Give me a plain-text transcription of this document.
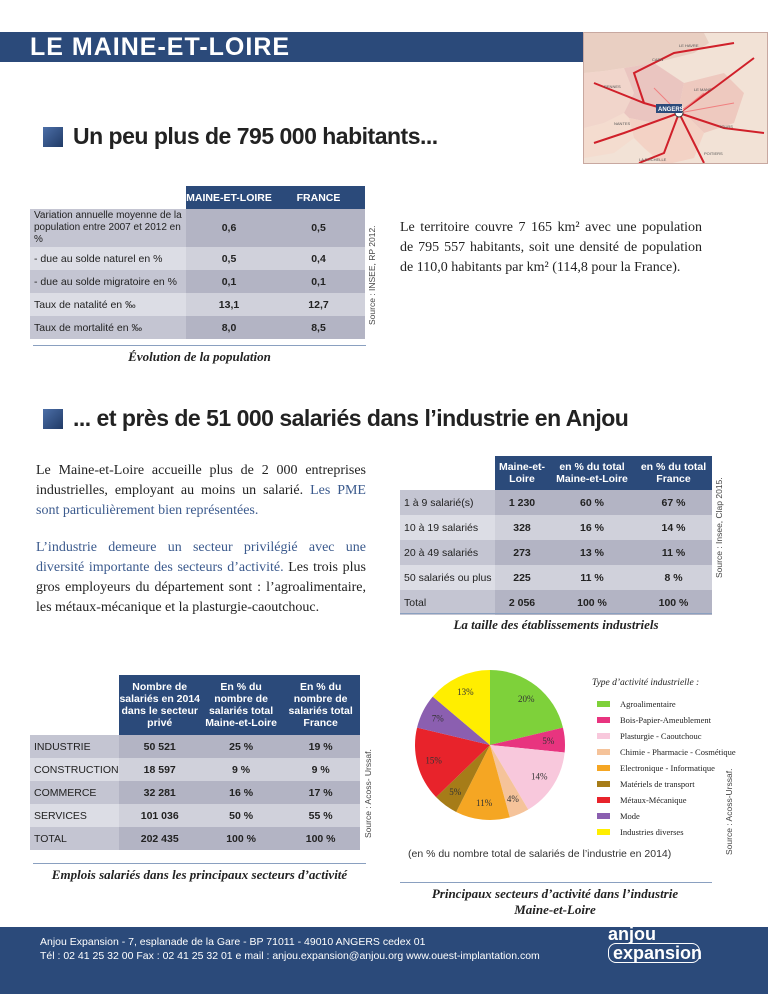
LE MAINE-ET-LOIRE
ANGERS
LE HAVRE
CAEN
RENNES
LE MANS
NANTES
TOURS
LA ROCHELLE
POITIERS
Un peu plus de 795 000 habitants...
	MAINE-ET-LOIRE	FRANCE
Variation annuelle moyenne de la population entre 2007 et 2012 en %	0,6	0,5
- due au solde naturel en %	0,5	0,4
- due au solde migratoire en %	0,1	0,1
Taux de natalité en ‰	13,1	12,7
Taux de mortalité en ‰	8,0	8,5
Source : INSEE, RP 2012. Le territoire couvre 7 165 km² avec une population de 795 557 habitants, soit une densité de population de 110,0 habitants par km² (114,8 pour la France).
Évolution de la population
... et près de 51 000 salariés dans l’industrie en Anjou
Le Maine-et-Loire accueille plus de 2 000 entreprises industrielles, employant au moins un salarié. Les PME sont particulièrement bien représentées.
L’industrie demeure un secteur privilégié avec une diversité importante des secteurs d’activité. Les trois plus gros employeurs du département sont : l’agroalimentaire, les métaux-mécanique et la plasturgie-caoutchouc.
	Maine-et-Loire	en % du total Maine-et-Loire	en % du total France
1 à 9 salarié(s)	1 230	60 %	67 %
10 à 19 salariés	328	16 %	14 %
20 à 49 salariés	273	13 %	11 %
50 salariés ou plus	225	11 %	8 %
Total	2 056	100 %	100 %
Source : Insee, Clap 2015.
La taille des établissements industriels
	Nombre de salariés en 2014 dans le secteur privé	En % du nombre de salariés total Maine-et-Loire	En % du nombre de salariés total France
INDUSTRIE	50 521	25 %	19 %
CONSTRUCTION	18 597	9 %	9 %
COMMERCE	32 281	16 %	17 %
SERVICES	101 036	50 %	55 %
TOTAL	202 435	100 %	100 %
Source : Acoss- Urssaf.
Emplois salariés dans les principaux secteurs d’activité
20%
5%
14%
4%
11%
5%
15%
7%
13%
Type d’activité industrielle :
Agroalimentaire
Bois-Papier-Ameublement
Plasturgie - Caoutchouc
Chimie - Pharmacie - Cosmétique
Electronique - Informatique
Matériels de transport
Métaux-Mécanique
Mode
Industries diverses	Source : Acoss-Urssaf.
(en % du nombre total de salariés de l’industrie en 2014)
Principaux secteurs d’activité dans l’industrie Maine-et-Loire
Anjou Expansion - 7, esplanade de la Gare - BP 71011 - 49010 ANGERS cedex 01
Tél : 02 41 25 32 00 Fax : 02 41 25 32 01 e mail : anjou.expansion@anjou.org www.ouest-implantation.com
anjou
expansion
